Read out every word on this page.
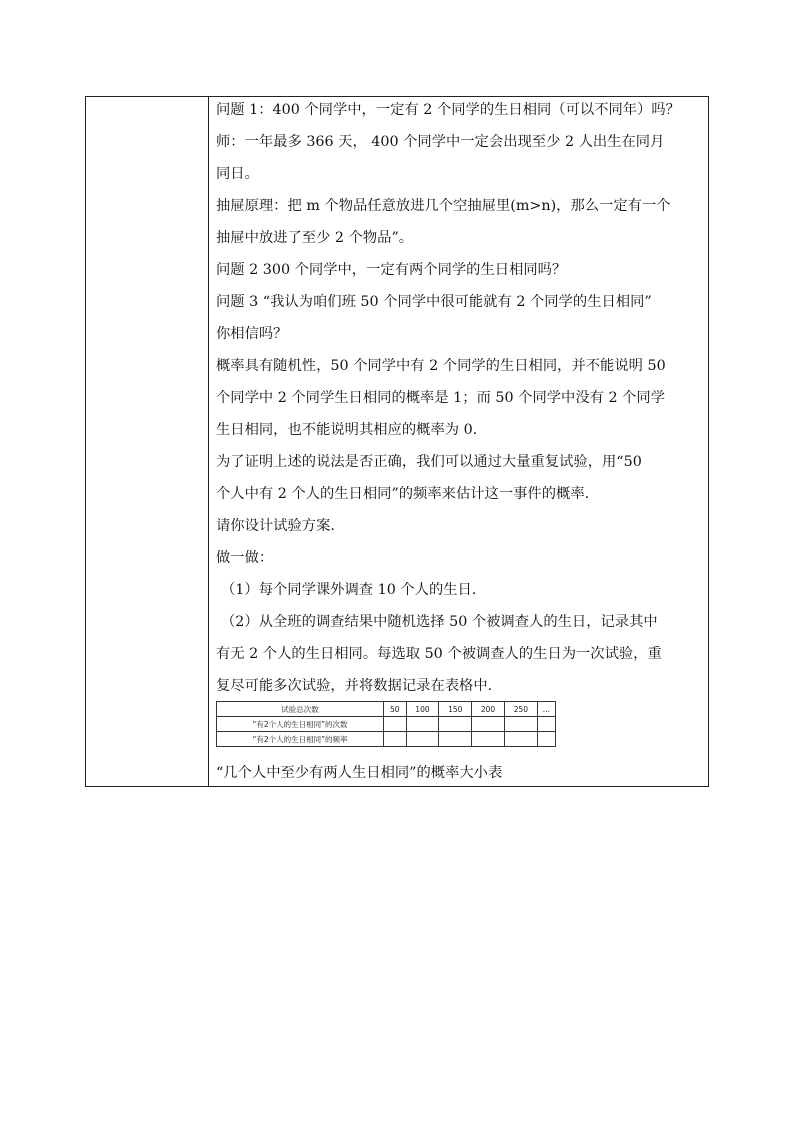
问题 1：400 个同学中，一定有 2 个同学的生日相同（可以不同年）吗？
师：一年最多 366 天， 400 个同学中一定会出现至少 2 人出生在同月
同日。
抽屉原理：把 m 个物品任意放进几个空抽屉里(m>n)，那么一定有一个
抽屉中放进了至少 2 个物品”。
问题 2 300 个同学中，一定有两个同学的生日相同吗？
问题 3 “我认为咱们班 50 个同学中很可能就有 2 个同学的生日相同”
你相信吗？
概率具有随机性，50 个同学中有 2 个同学的生日相同，并不能说明 50
个同学中 2 个同学生日相同的概率是 1；而 50 个同学中没有 2 个同学
生日相同，也不能说明其相应的概率为 0.
为了证明上述的说法是否正确，我们可以通过大量重复试验，用“50
个人中有 2 个人的生日相同”的频率来估计这一事件的概率.
请你设计试验方案.
做一做：
（1）每个同学课外调查 10 个人的生日.
（2）从全班的调查结果中随机选择 50 个被调查人的生日，记录其中
有无 2 个人的生日相同。每选取 50 个被调查人的生日为一次试验，重
复尽可能多次试验，并将数据记录在表格中.
试验总次数	50	100	150	200	250	…
“有2个人的生日相同”的次数						
“有2个人的生日相同”的频率						
“几个人中至少有两人生日相同”的概率大小表
